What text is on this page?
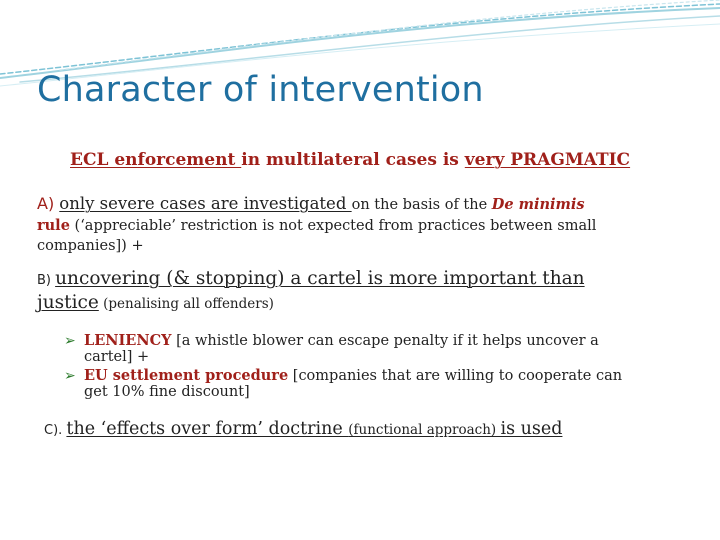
Character of intervention
ECL enforcement in multilateral cases is very PRAGMATIC
A) only severe cases are investigated on the basis of the De minimis
rule (‘appreciable’ restriction is not expected from practices between small
companies]) +
B) uncovering (& stopping) a cartel is more important than
justice (penalising all offenders)
➢ LENIENCY [a whistle blower can escape penalty if it helps uncover a
cartel] +
➢ EU settlement procedure [companies that are willing to cooperate can
get 10% fine discount]
C). the ‘effects over form’ doctrine (functional approach) is used
